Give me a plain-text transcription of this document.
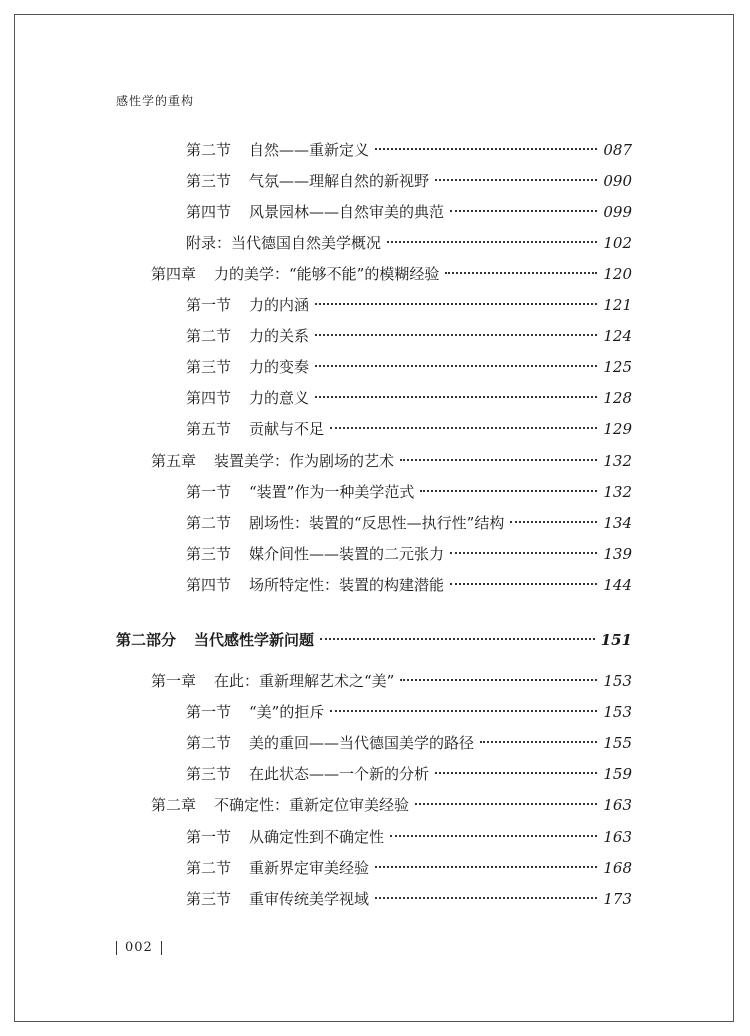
感性学的重构
第二节 自然——重新定义	087
第三节 气氛——理解自然的新视野	090
第四节 风景园林——自然审美的典范	099
附录：当代德国自然美学概况	102
第四章 力的美学：“能够不能”的模糊经验	120
第一节 力的内涵	121
第二节 力的关系	124
第三节 力的变奏	125
第四节 力的意义	128
第五节 贡献与不足	129
第五章 装置美学：作为剧场的艺术	132
第一节 “装置”作为一种美学范式	132
第二节 剧场性：装置的“反思性—执行性”结构	134
第三节 媒介间性——装置的二元张力	139
第四节 场所特定性：装置的构建潜能	144
第二部分 当代感性学新问题	151
第一章 在此：重新理解艺术之“美”	153
第一节 “美”的拒斥	153
第二节 美的重回——当代德国美学的路径	155
第三节 在此状态——一个新的分析	159
第二章 不确定性：重新定位审美经验	163
第一节 从确定性到不确定性	163
第二节 重新界定审美经验	168
第三节 重审传统美学视域	173
002
